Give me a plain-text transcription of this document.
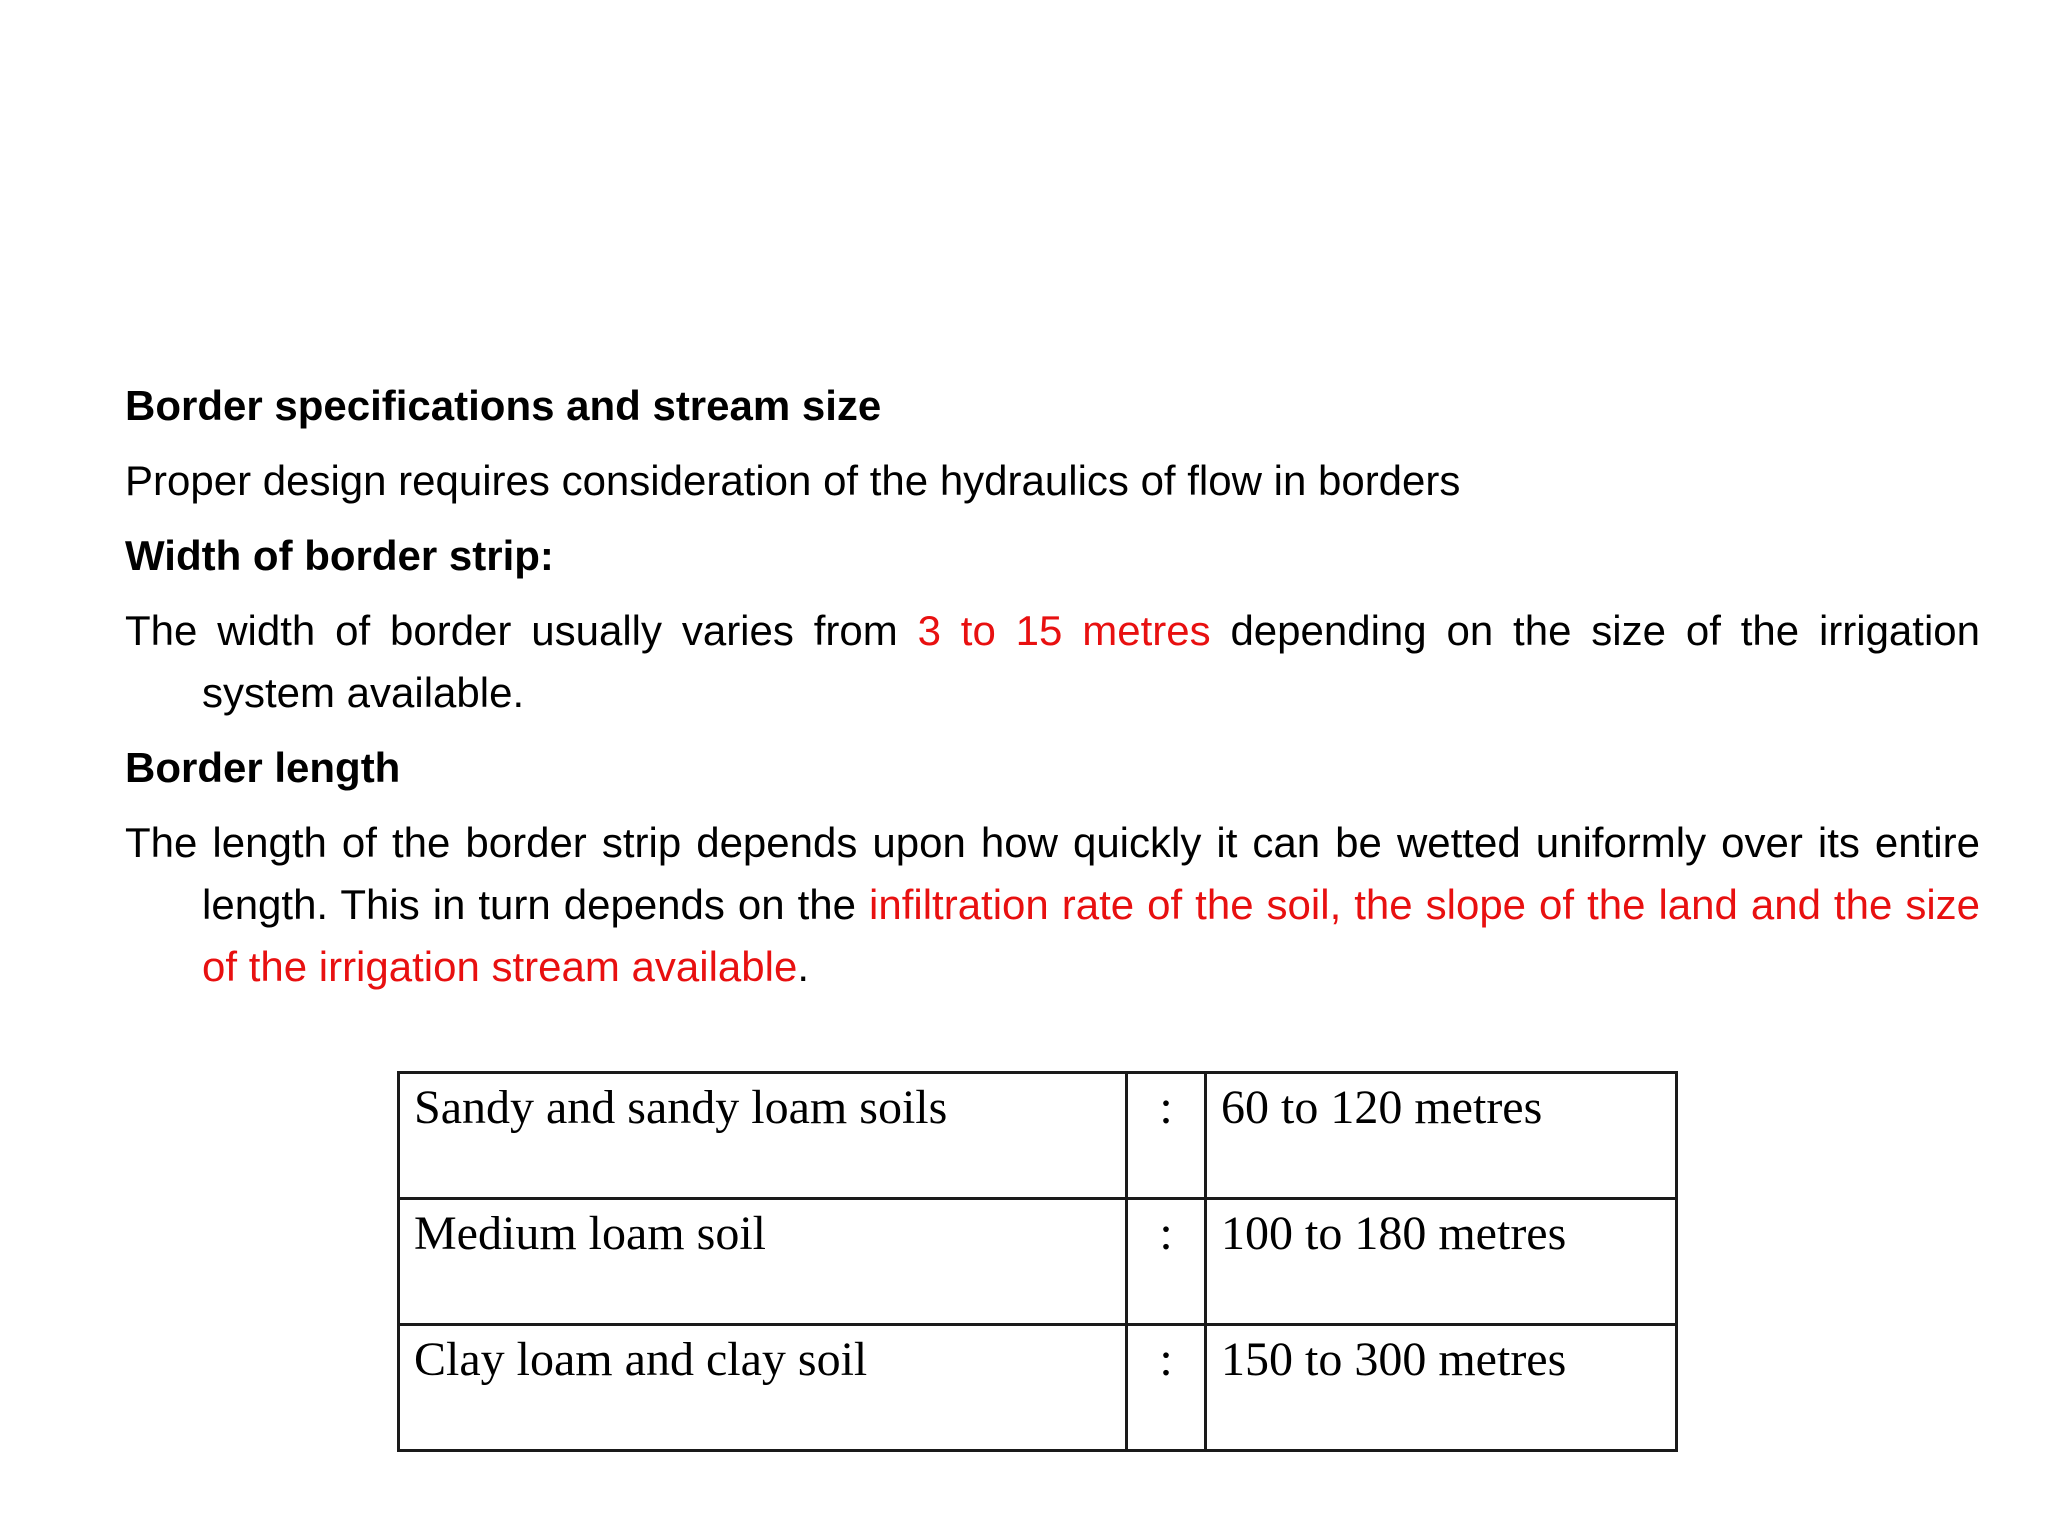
Border specifications and stream size

Proper design requires consideration of the hydraulics of flow in borders

Width of border strip:

The width of border usually varies from 3 to 15 metres depending on the size of the irrigation system available.

Border length

The length of the border strip depends upon how quickly it can be wetted uniformly over its entire length. This in turn depends on the infiltration rate of the soil, the slope of the land and the size of the irrigation stream available.

Sandy and sandy loam soils	:	60 to 120 metres
Medium loam soil	:	100 to 180 metres
Clay loam and clay soil	:	150 to 300 metres
